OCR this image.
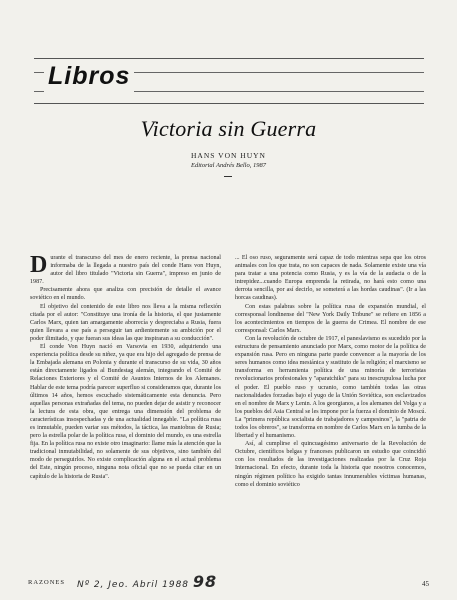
Libros
Victoria sin Guerra
HANS VON HUYN
Editorial Andrés Bello, 1987

Durante el transcurso del mes de enero reciente, la prensa nacional informaba de la llegada a nuestro país del conde Hans von Huyn, autor del libro titulado "Victoria sin Guerra", impreso en junio de 1987.

Precisamente ahora que analiza con precisión de detalle el avance soviético en el mundo.

El objetivo del contenido de este libro nos lleva a la misma reflexión citada por el autor: "Constituye una ironía de la historia, el que justamente Carlos Marx, quien tan amargamente aborrecía y despreciaba a Rusia, fuera quien llevara a ese país a perseguir tan ardientemente su ambición por el poder ilimitado, y que fueran sus ideas las que inspiraran a su conducción".

El conde Von Huyn nació en Varsovia en 1930, adquiriendo una experiencia política desde su niñez, ya que era hijo del agregado de prensa de la Embajada alemana en Polonia y durante el transcurso de su vida, 30 años están directamente ligados al Bundestag alemán, integrando el Comité de Relaciones Exteriores y el Comité de Asuntos Internos de los Alemanes. Hablar de este tema podría parecer superfluo si consideramos que, durante los últimos 14 años, hemos escuchado sistemáticamente esta denuncia. Pero aquellas personas extrañadas del tema, no pueden dejar de asistir y reconocer la lectura de esta obra, que entrega una dimensión del problema de características insospechadas y de una actualidad innegable. "La política rusa es inmutable, pueden variar sus métodos, la táctica, las maniobras de Rusia; pero la estrella polar de la política rusa, el dominio del mundo, es una estrella fija. En la política rusa no existe otro imaginario: llame más la atención que la tradicional inmutabilidad, no solamente de sus objetivos, sino también del modo de perseguirlos. No existe complicación alguna en el actual problema del Este, ningún proceso, ninguna nota oficial que no se pueda citar en un capítulo de la historia de Rusia".

... El oso ruso, seguramente será capaz de todo mientras sepa que los otros animales con los que trata, no son capaces de nada. Solamente existe una vía para tratar a una potencia como Rusia, y es la vía de la audacia o de la intrepidez...cuando Europa emprenda la retirada, no hará esto como una derrota sencilla, por así decirlo, se someterá a las hordas caudinas". (Ir a las horcas caudinas).

Con estas palabras sobre la política rusa de expansión mundial, el corresponsal londinense del "New York Daily Tribune" se refiere en 1856 a los acontecimientos en tiempos de la guerra de Crimea. El nombre de ese corresponsal: Carlos Marx.

Con la revolución de octubre de 1917, el paneslavismo es sucedido por la estructura de pensamiento anunciado por Marx, como motor de la política de expansión rusa. Pero en ninguna parte puede convencer a la mayoría de los seres humanos como idea mesiánica y sustituto de la religión; el marxismo se transforma en herramienta política de una minoría de terroristas revolucionarios profesionales y "aparatchiks" para su inescrupulosa lucha por el poder. El pueblo ruso y ucranio, como también todas las otras nacionalidades forzadas bajo el yugo de la Unión Soviética, son esclavizados en el nombre de Marx y Lenin. A los georgianos, a los alemanes del Volga y a los pueblos del Asia Central se les impone por la fuerza el dominio de Moscú. La "primera república socialista de trabajadores y campesinos", la "patria de todos los obreros", se transforma en nombre de Carlos Marx en la tumba de la libertad y el humanismo.

Así, al cumplirse el quincuagésimo aniversario de la Revolución de Octubre, científicos belgas y franceses publicaron un estudio que coincidió con los resultados de las investigaciones realizadas por la Cruz Roja Internacional. En efecto, durante toda la historia que nosotros conocemos, ningún régimen político ha exigido tantas innumerables víctimas humanas, como el dominio soviético

RAZONES Nº 2, Jeo. Abril 1988 98	45
